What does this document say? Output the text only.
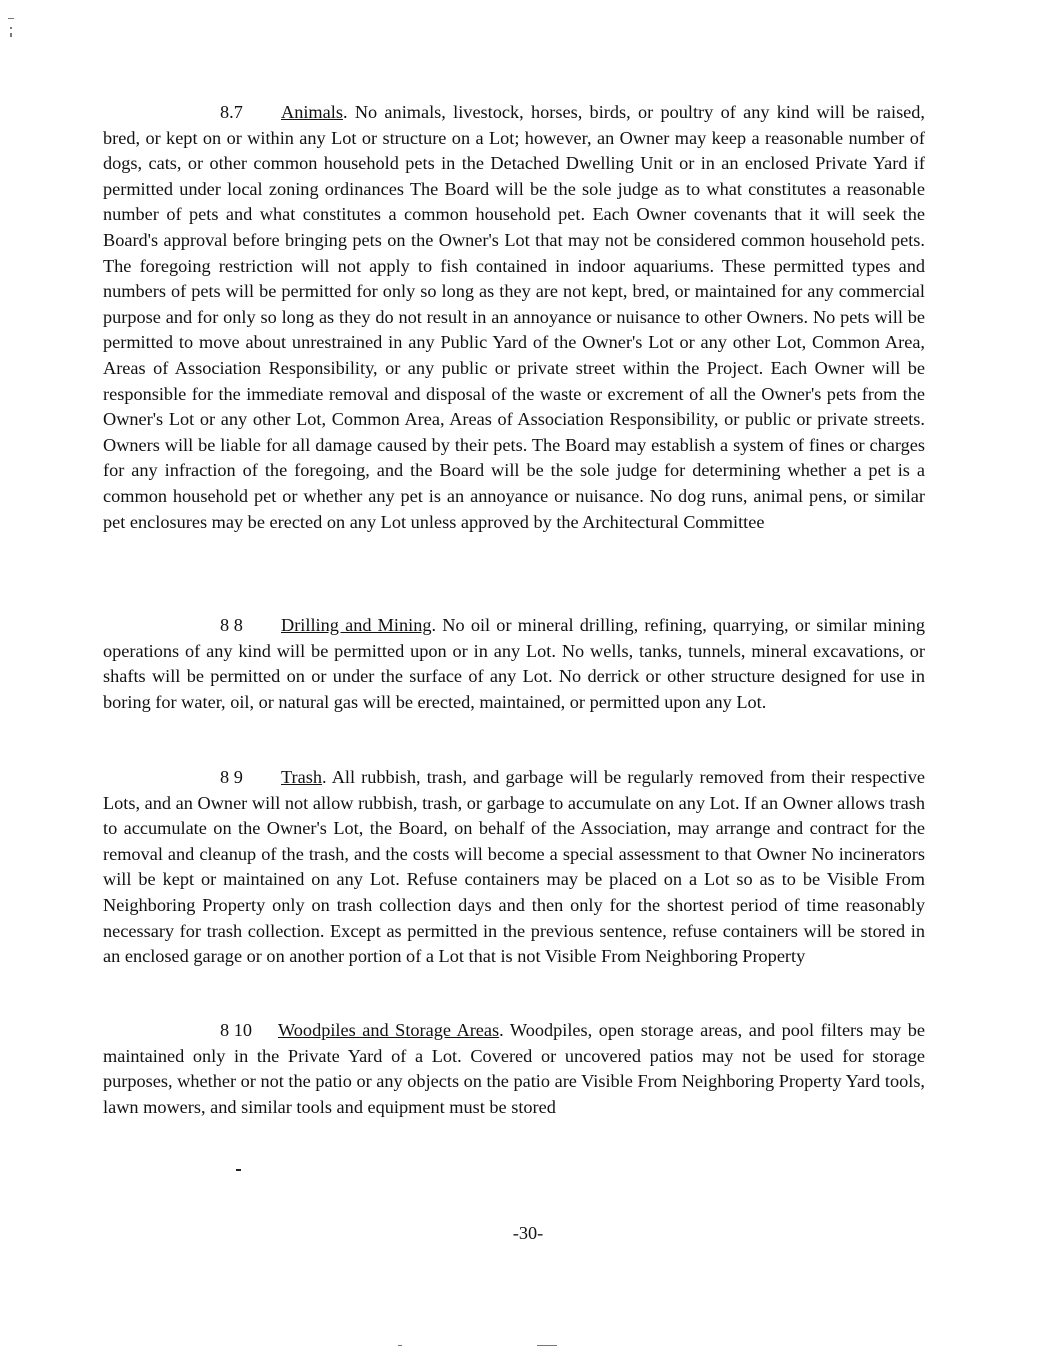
8.7 Animals. No animals, livestock, horses, birds, or poultry of any kind will be raised, bred, or kept on or within any Lot or structure on a Lot; however, an Owner may keep a reasonable number of dogs, cats, or other common household pets in the Detached Dwelling Unit or in an enclosed Private Yard if permitted under local zoning ordinances The Board will be the sole judge as to what constitutes a reasonable number of pets and what constitutes a common household pet. Each Owner covenants that it will seek the Board's approval before bringing pets on the Owner's Lot that may not be considered common household pets. The foregoing restriction will not apply to fish contained in indoor aquariums. These permitted types and numbers of pets will be permitted for only so long as they are not kept, bred, or maintained for any commercial purpose and for only so long as they do not result in an annoyance or nuisance to other Owners. No pets will be permitted to move about unrestrained in any Public Yard of the Owner's Lot or any other Lot, Common Area, Areas of Association Responsibility, or any public or private street within the Project. Each Owner will be responsible for the immediate removal and disposal of the waste or excrement of all the Owner's pets from the Owner's Lot or any other Lot, Common Area, Areas of Association Responsibility, or public or private streets. Owners will be liable for all damage caused by their pets. The Board may establish a system of fines or charges for any infraction of the foregoing, and the Board will be the sole judge for determining whether a pet is a common household pet or whether any pet is an annoyance or nuisance. No dog runs, animal pens, or similar pet enclosures may be erected on any Lot unless approved by the Architectural Committee

8 8 Drilling and Mining. No oil or mineral drilling, refining, quarrying, or similar mining operations of any kind will be permitted upon or in any Lot. No wells, tanks, tunnels, mineral excavations, or shafts will be permitted on or under the surface of any Lot. No derrick or other structure designed for use in boring for water, oil, or natural gas will be erected, maintained, or permitted upon any Lot.

8 9 Trash. All rubbish, trash, and garbage will be regularly removed from their respective Lots, and an Owner will not allow rubbish, trash, or garbage to accumulate on any Lot. If an Owner allows trash to accumulate on the Owner's Lot, the Board, on behalf of the Association, may arrange and contract for the removal and cleanup of the trash, and the costs will become a special assessment to that Owner No incinerators will be kept or maintained on any Lot. Refuse containers may be placed on a Lot so as to be Visible From Neighboring Property only on trash collection days and then only for the shortest period of time reasonably necessary for trash collection. Except as permitted in the previous sentence, refuse containers will be stored in an enclosed garage or on another portion of a Lot that is not Visible From Neighboring Property

8 10 Woodpiles and Storage Areas. Woodpiles, open storage areas, and pool filters may be maintained only in the Private Yard of a Lot. Covered or uncovered patios may not be used for storage purposes, whether or not the patio or any objects on the patio are Visible From Neighboring Property Yard tools, lawn mowers, and similar tools and equipment must be stored

-30-
